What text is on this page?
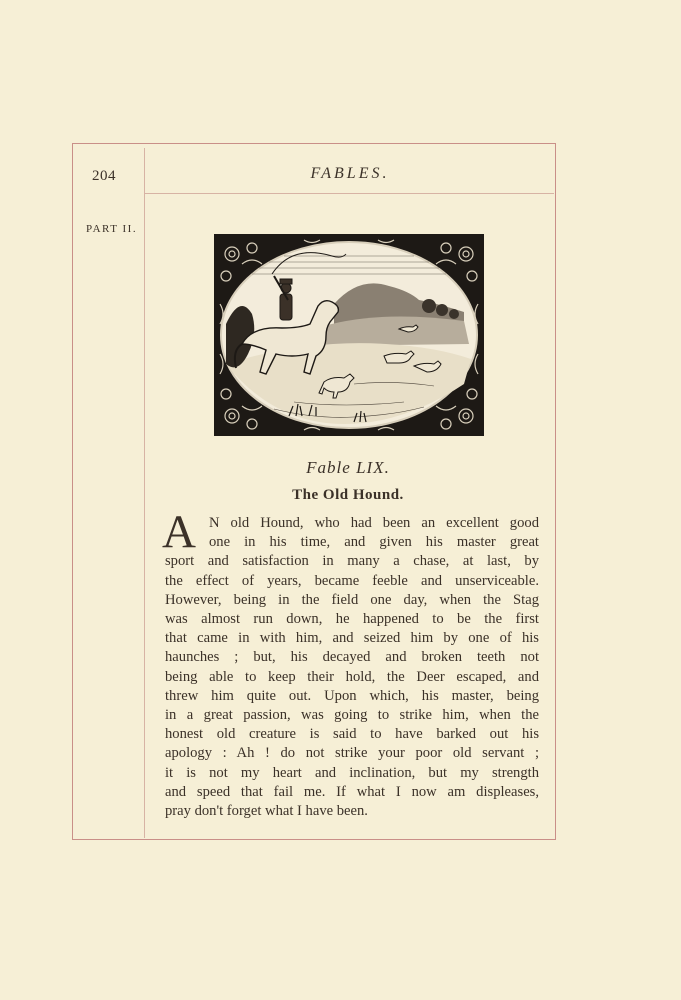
204	FABLES.
PART II.
Fable LIX.
The Old Hound.
A N old Hound, who had been an excellent good
one in his time, and given his master great
sport and satisfaction in many a chase, at last, by
the effect of years, became feeble and unserviceable.
However, being in the field one day, when the Stag
was almost run down, he happened to be the first
that came in with him, and seized him by one of his
haunches ; but, his decayed and broken teeth not
being able to keep their hold, the Deer escaped, and
threw him quite out. Upon which, his master, being
in a great passion, was going to strike him, when the
honest old creature is said to have barked out his
apology : Ah ! do not strike your poor old servant ;
it is not my heart and inclination, but my strength
and speed that fail me. If what I now am displeases,
pray don't forget what I have been.
